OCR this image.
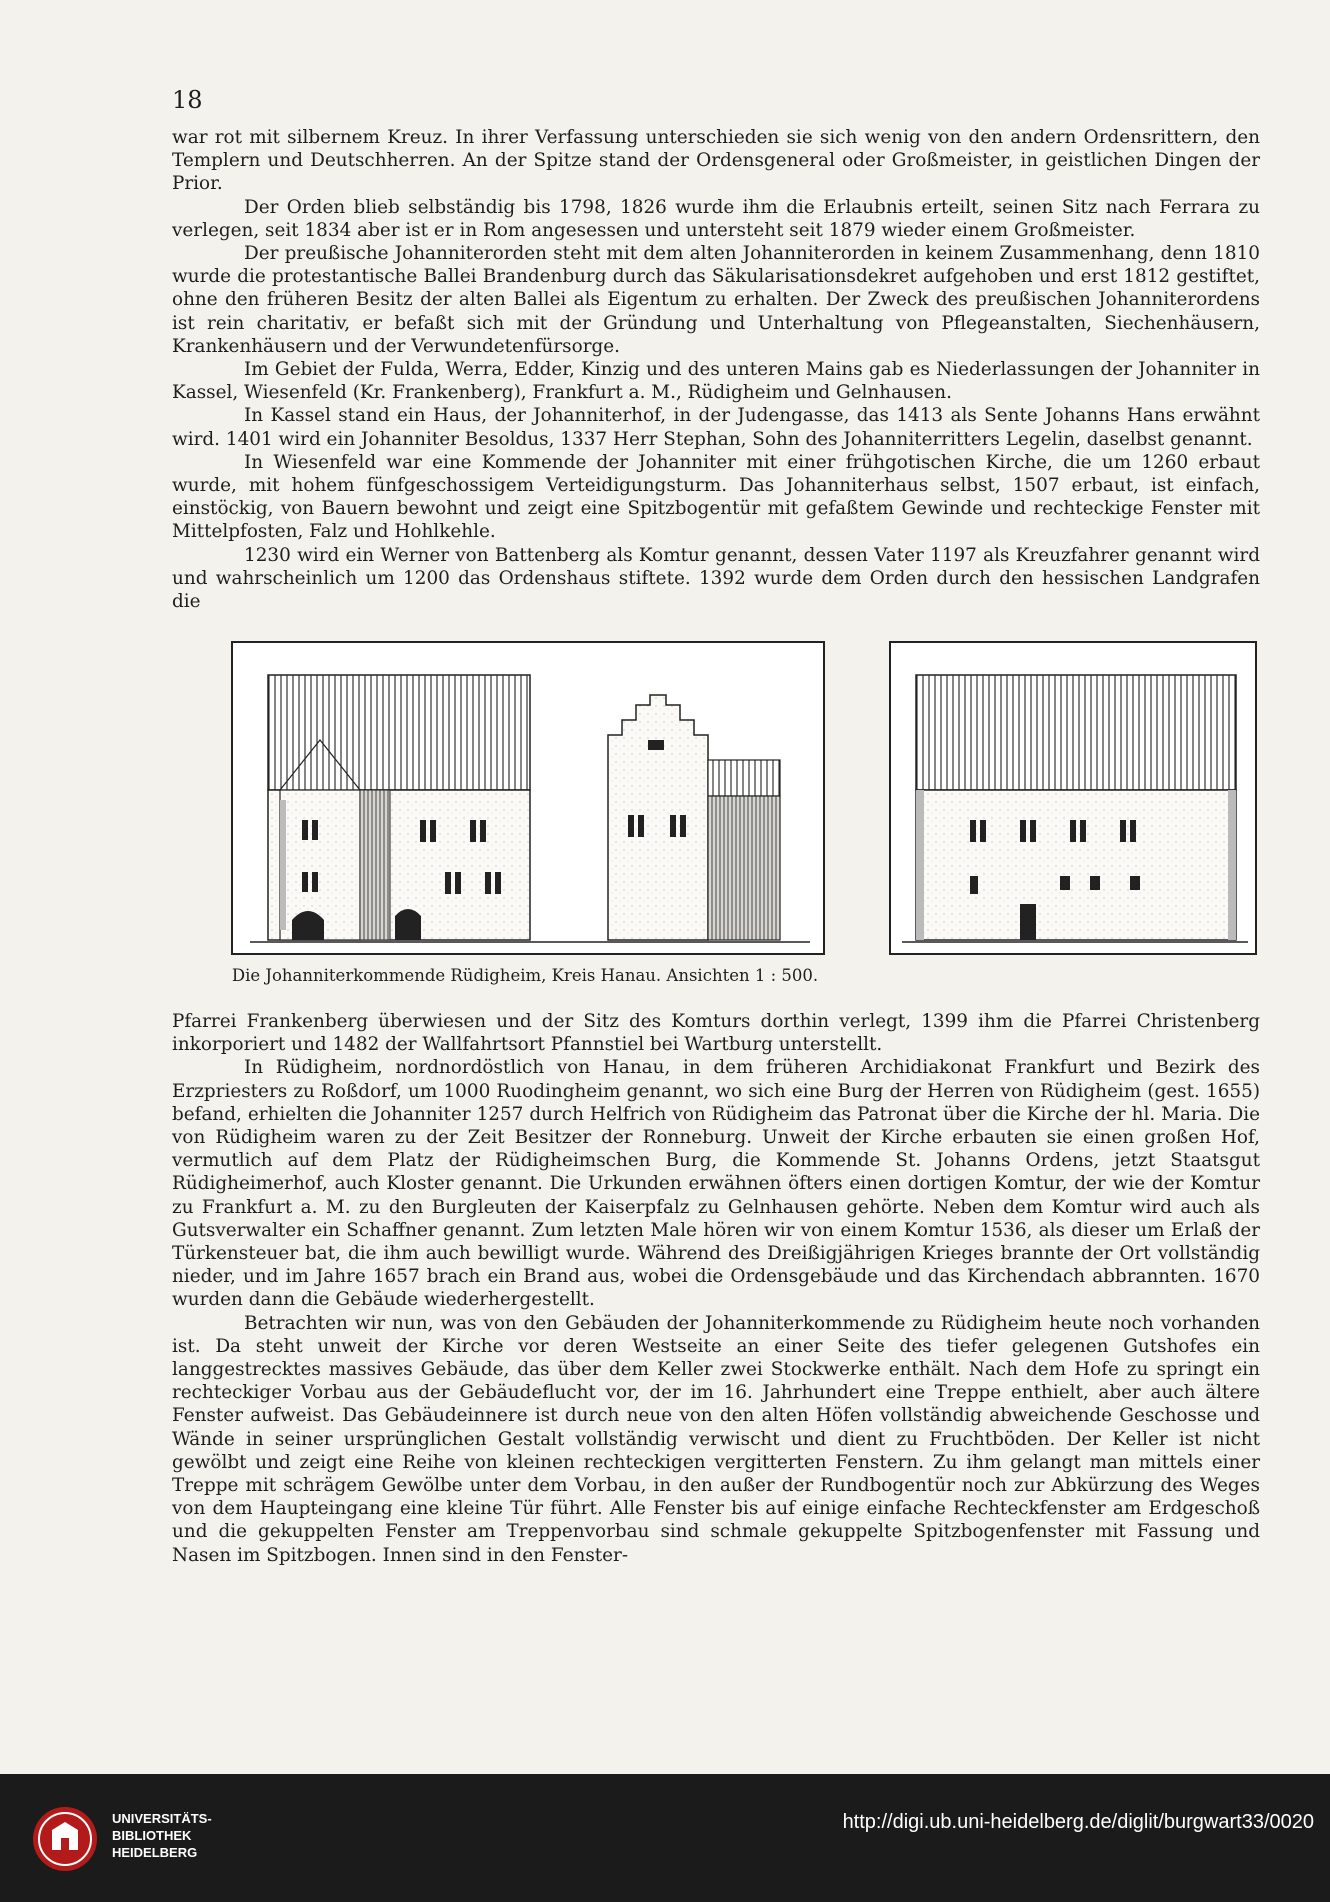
18

war rot mit silbernem Kreuz. In ihrer Verfassung unterschieden sie sich wenig von den andern Ordensrittern, den Templern und Deutschherren. An der Spitze stand der Ordensgeneral oder Großmeister, in geistlichen Dingen der Prior.

Der Orden blieb selbständig bis 1798, 1826 wurde ihm die Erlaubnis erteilt, seinen Sitz nach Ferrara zu verlegen, seit 1834 aber ist er in Rom angesessen und untersteht seit 1879 wieder einem Großmeister.

Der preußische Johanniterorden steht mit dem alten Johanniterorden in keinem Zusammenhang, denn 1810 wurde die protestantische Ballei Brandenburg durch das Säkularisationsdekret aufgehoben und erst 1812 gestiftet, ohne den früheren Besitz der alten Ballei als Eigentum zu erhalten. Der Zweck des preußischen Johanniterordens ist rein charitativ, er befaßt sich mit der Gründung und Unterhaltung von Pflegeanstalten, Siechenhäusern, Krankenhäusern und der Verwundetenfürsorge.

Im Gebiet der Fulda, Werra, Edder, Kinzig und des unteren Mains gab es Niederlassungen der Johanniter in Kassel, Wiesenfeld (Kr. Frankenberg), Frankfurt a. M., Rüdigheim und Gelnhausen.

In Kassel stand ein Haus, der Johanniterhof, in der Judengasse, das 1413 als Sente Johanns Hans erwähnt wird. 1401 wird ein Johanniter Besoldus, 1337 Herr Stephan, Sohn des Johanniterritters Legelin, daselbst genannt.

In Wiesenfeld war eine Kommende der Johanniter mit einer frühgotischen Kirche, die um 1260 erbaut wurde, mit hohem fünfgeschossigem Verteidigungsturm. Das Johanniterhaus selbst, 1507 erbaut, ist einfach, einstöckig, von Bauern bewohnt und zeigt eine Spitzbogentür mit gefaßtem Gewinde und rechteckige Fenster mit Mittelpfosten, Falz und Hohlkehle.

1230 wird ein Werner von Battenberg als Komtur genannt, dessen Vater 1197 als Kreuzfahrer genannt wird und wahrscheinlich um 1200 das Ordenshaus stiftete. 1392 wurde dem Orden durch den hessischen Landgrafen die

Die Johanniterkommende Rüdigheim, Kreis Hanau. Ansichten 1 : 500.

Pfarrei Frankenberg überwiesen und der Sitz des Komturs dorthin verlegt, 1399 ihm die Pfarrei Christenberg inkorporiert und 1482 der Wallfahrtsort Pfannstiel bei Wartburg unterstellt.

In Rüdigheim, nordnordöstlich von Hanau, in dem früheren Archidiakonat Frankfurt und Bezirk des Erzpriesters zu Roßdorf, um 1000 Ruodingheim genannt, wo sich eine Burg der Herren von Rüdigheim (gest. 1655) befand, erhielten die Johanniter 1257 durch Helfrich von Rüdigheim das Patronat über die Kirche der hl. Maria. Die von Rüdigheim waren zu der Zeit Besitzer der Ronneburg. Unweit der Kirche erbauten sie einen großen Hof, vermutlich auf dem Platz der Rüdigheimschen Burg, die Kommende St. Johanns Ordens, jetzt Staatsgut Rüdigheimerhof, auch Kloster genannt. Die Urkunden erwähnen öfters einen dortigen Komtur, der wie der Komtur zu Frankfurt a. M. zu den Burgleuten der Kaiserpfalz zu Gelnhausen gehörte. Neben dem Komtur wird auch als Gutsverwalter ein Schaffner genannt. Zum letzten Male hören wir von einem Komtur 1536, als dieser um Erlaß der Türkensteuer bat, die ihm auch bewilligt wurde. Während des Dreißigjährigen Krieges brannte der Ort vollständig nieder, und im Jahre 1657 brach ein Brand aus, wobei die Ordensgebäude und das Kirchendach abbrannten. 1670 wurden dann die Gebäude wiederhergestellt.

Betrachten wir nun, was von den Gebäuden der Johanniterkommende zu Rüdigheim heute noch vorhanden ist. Da steht unweit der Kirche vor deren Westseite an einer Seite des tiefer gelegenen Gutshofes ein langgestrecktes massives Gebäude, das über dem Keller zwei Stockwerke enthält. Nach dem Hofe zu springt ein rechteckiger Vorbau aus der Gebäudeflucht vor, der im 16. Jahrhundert eine Treppe enthielt, aber auch ältere Fenster aufweist. Das Gebäudeinnere ist durch neue von den alten Höfen vollständig abweichende Geschosse und Wände in seiner ursprünglichen Gestalt vollständig verwischt und dient zu Fruchtböden. Der Keller ist nicht gewölbt und zeigt eine Reihe von kleinen rechteckigen vergitterten Fenstern. Zu ihm gelangt man mittels einer Treppe mit schrägem Gewölbe unter dem Vorbau, in den außer der Rundbogentür noch zur Abkürzung des Weges von dem Haupteingang eine kleine Tür führt. Alle Fenster bis auf einige einfache Rechteckfenster am Erdgeschoß und die gekuppelten Fenster am Treppenvorbau sind schmale gekuppelte Spitzbogenfenster mit Fassung und Nasen im Spitzbogen. Innen sind in den Fenster-

UNIVERSITÄTS-
BIBLIOTHEK
HEIDELBERG
http://digi.ub.uni-heidelberg.de/diglit/burgwart33/0020
